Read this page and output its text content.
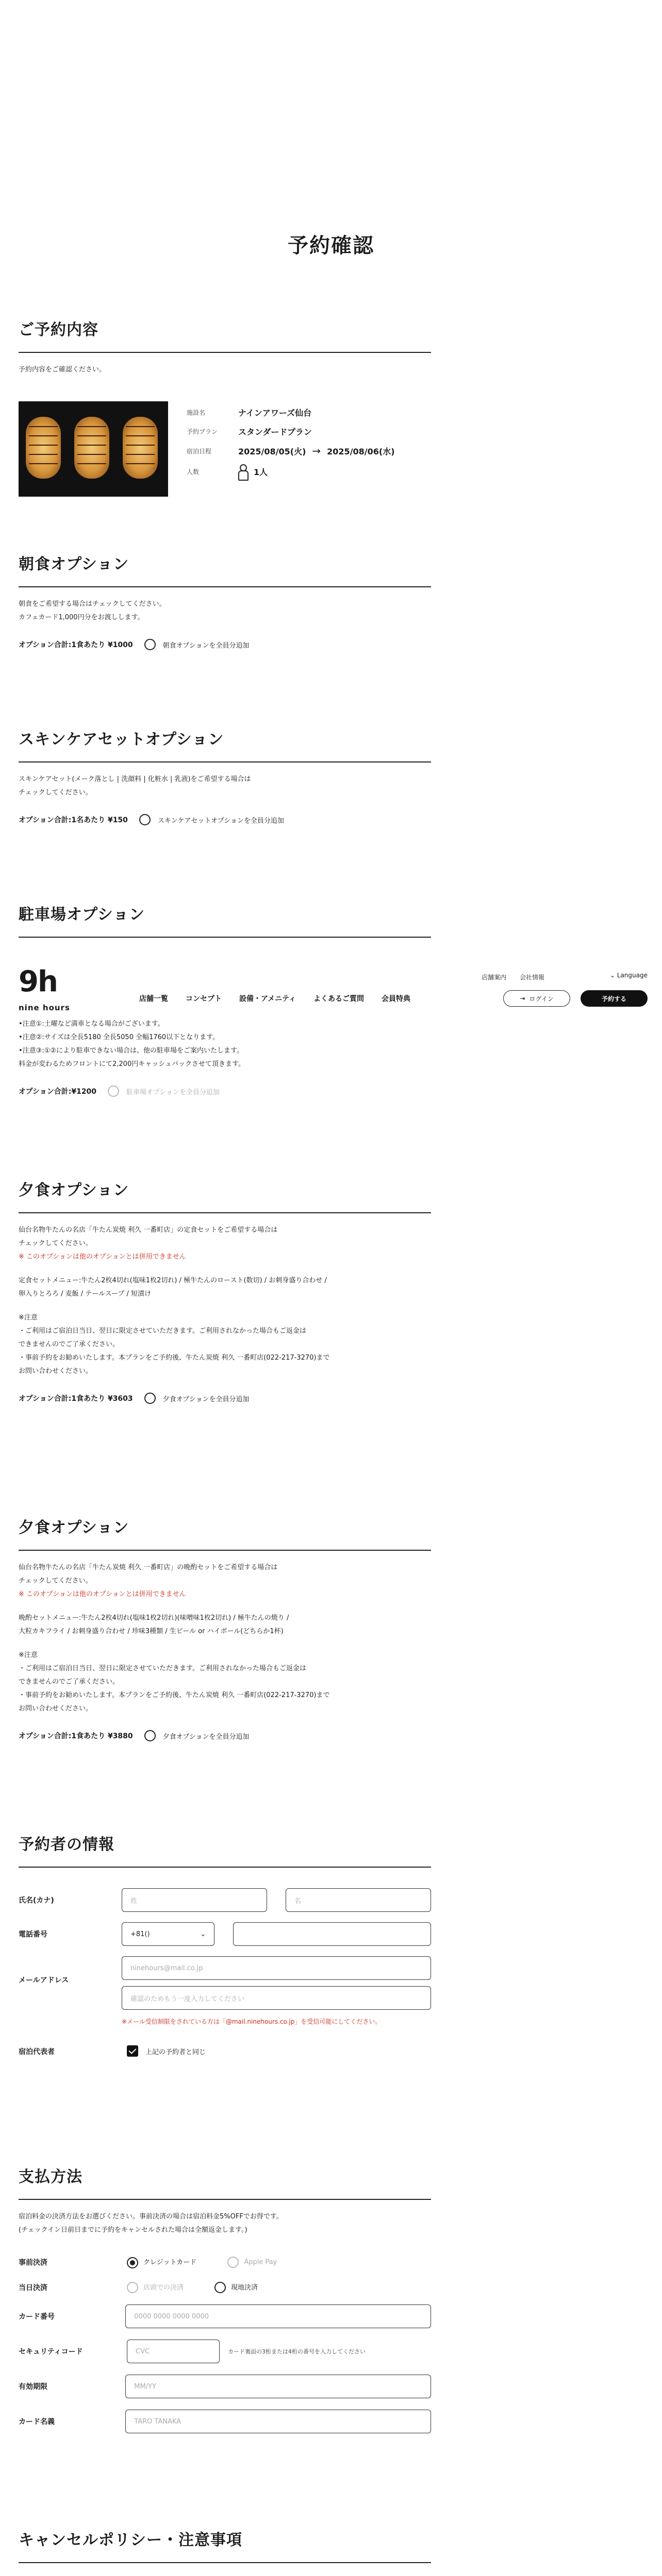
予約確認
ご予約内容

予約内容をご確認ください。

施設名	ナインアワーズ仙台
予約プラン	スタンダードプラン
宿泊日程	2025/08/05(火) → 2025/08/06(水)
人数	1人
朝食オプション

朝食をご希望する場合はチェックしてください。
カフェカード1,000円分をお渡しします。

オプション合計:1食あたり ¥1000	朝食オプションを全員分追加
スキンケアセットオプション

スキンケアセット(メーク落とし | 洗顔料 | 化粧水 | 乳液)をご希望する場合は
チェックしてください。

オプション合計:1名あたり ¥150	スキンケアセットオプションを全員分追加
駐車場オプション
9h
nine hours
店舗一覧 コンセプト 設備・アメニティ よくあるご質問 会員特典
店舗案内 会社情報	⌄ Language
⇥ ログイン	予約する
•注意①:土曜など満車となる場合がございます。
•注意②:サイズは全長5180 全長5050 全幅1760以下となります。
•注意③:①②により駐車できない場合は、他の駐車場をご案内いたします。
料金が変わるためフロントにて2,200円キャッシュバックさせて頂きます。
オプション合計:¥1200	駐車場オプションを全員分追加
夕食オプション

仙台名物牛たんの名店「牛たん炭焼 利久 一番町店」の定食セットをご希望する場合は
チェックしてください。

※ このオプションは他のオプションとは併用できません

定食セットメニュー:牛たん2枚4切れ(塩味1枚2切れ) / 極牛たんのロースト(数切) / お刺身盛り合わせ /
卵入りとろろ / 麦飯 / テールスープ / 短漬け

※注意
・ご利用はご宿泊日当日、翌日に限定させていただきます。ご利用されなかった場合もご返金は
できませんのでご了承ください。
・事前予約をお勧めいたします。本プランをご予約後、牛たん炭焼 利久 一番町店(022-217-3270)まで
お問い合わせください。

オプション合計:1食あたり ¥3603	夕食オプションを全員分追加
夕食オプション

仙台名物牛たんの名店「牛たん炭焼 利久 一番町店」の晩酌セットをご希望する場合は
チェックしてください。

※ このオプションは他のオプションとは併用できません

晩酌セットメニュー:牛たん2枚4切れ(塩味1枚2切れ)(味噌味1枚2切れ) / 極牛たんの焼り /
大粒カキフライ / お刺身盛り合わせ / 珍味3種類 / 生ビール or ハイボール(どちらか1杯)

※注意
・ご利用はご宿泊日当日、翌日に限定させていただきます。ご利用されなかった場合もご返金は
できませんのでご了承ください。
・事前予約をお勧めいたします。本プランをご予約後、牛たん炭焼 利久 一番町店(022-217-3270)まで
お問い合わせください。

オプション合計:1食あたり ¥3880	夕食オプションを全員分追加
予約者の情報
氏名(カナ)	姓	名
電話番号	+81()	⌄
メールアドレス
ninehours@mail.co.jp
確認のためもう一度入力してください

※メール受信制限をされている方は「@mail.ninehours.co.jp」を受信可能にしてください。

宿泊代表者	上記の予約者と同じ
支払方法

宿泊料金の決済方法をお選びください。事前決済の場合は宿泊料金5%OFFでお得です。
(チェックイン日前日までに予約をキャンセルされた場合は全額返金します。)

事前決済	クレジットカード	Apple Pay
当日決済	店頭での決済	現地決済
カード番号	0000 0000 0000 0000
セキュリティコード	CVC	カード裏面の3桁または4桁の番号を入力してください
有効期限	MM/YY
カード名義	TARO TANAKA
キャンセルポリシー・注意事項
